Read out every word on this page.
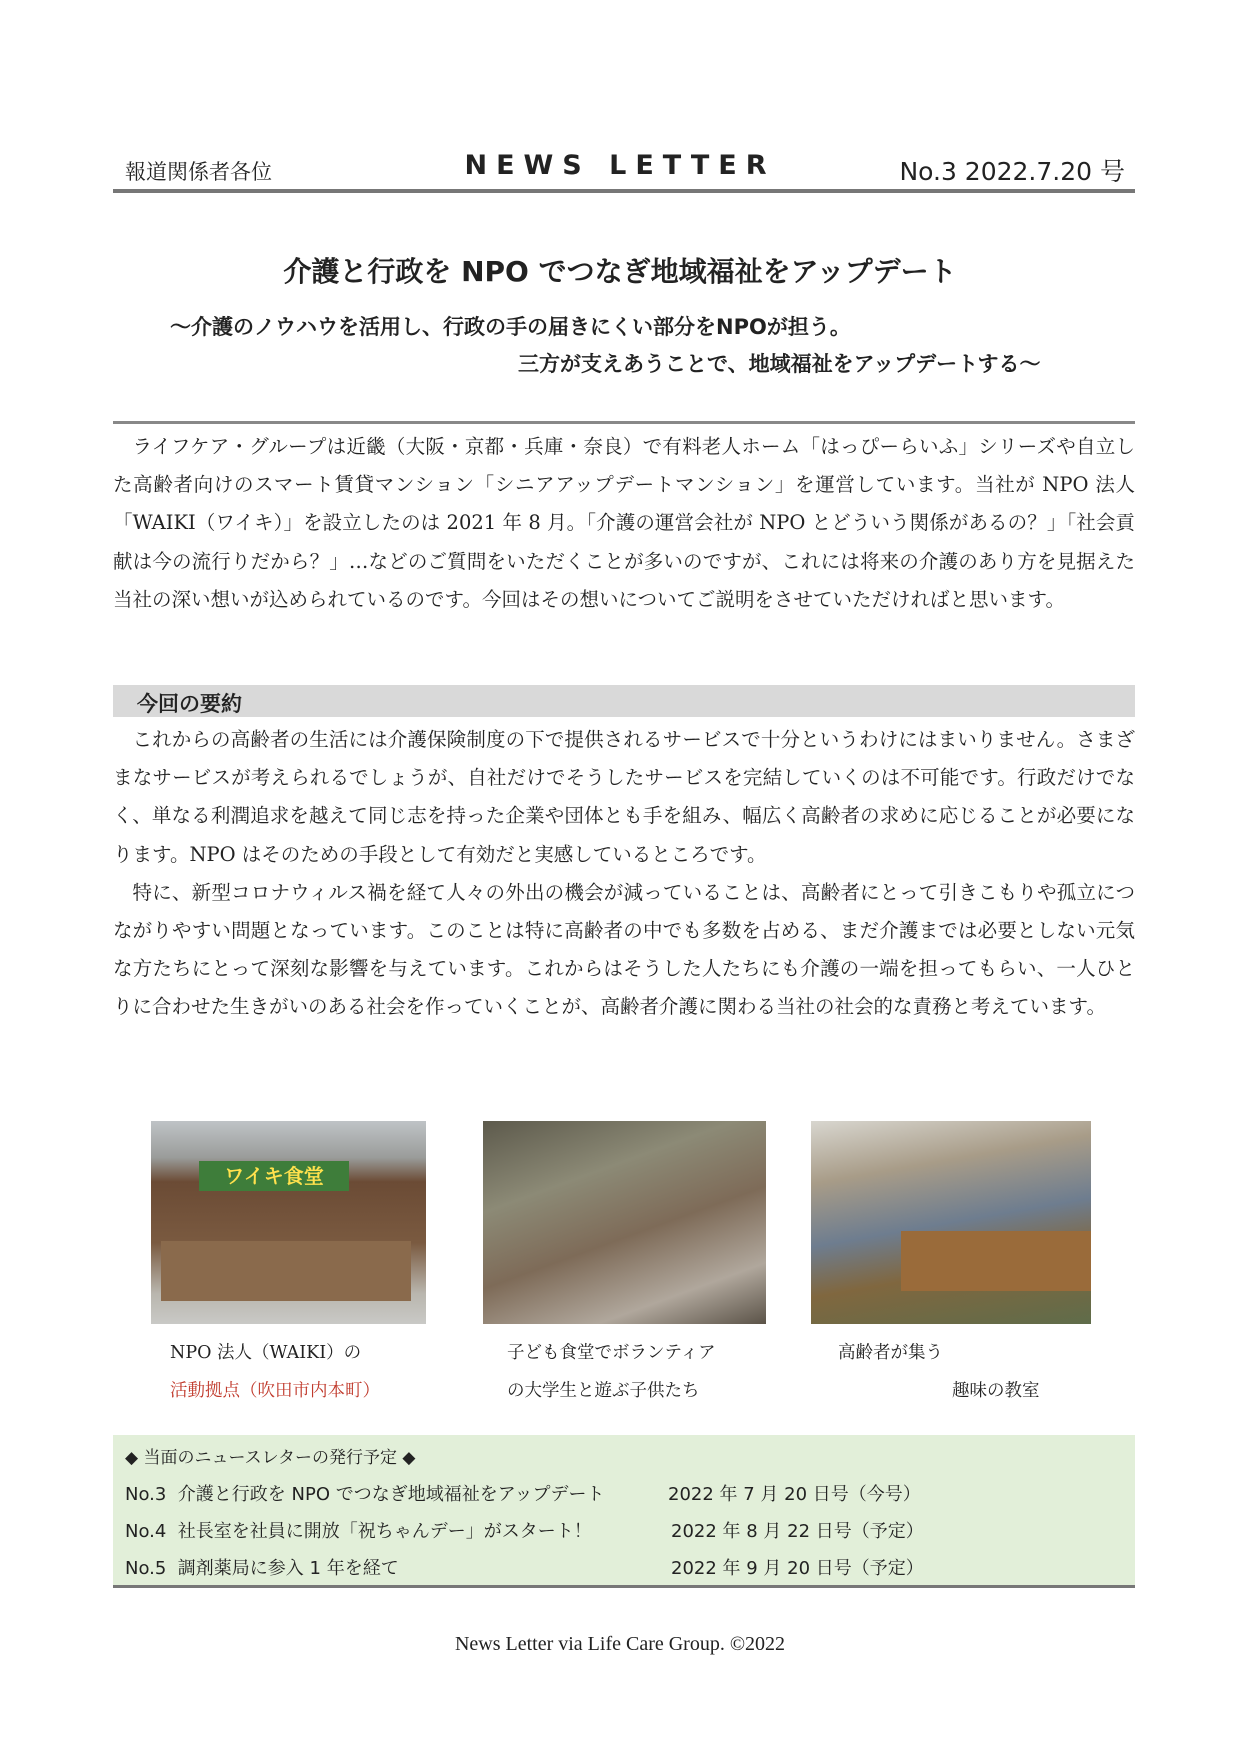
報道関係者各位	NEWS LETTER	No.3 2022.7.20 号
介護と行政を NPO でつなぎ地域福祉をアップデート
～介護のノウハウを活用し、行政の手の届きにくい部分をNPOが担う。
三方が支えあうことで、地域福祉をアップデートする～

ライフケア・グループは近畿（大阪・京都・兵庫・奈良）で有料老人ホーム「はっぴーらいふ」シリーズや自立した高齢者向けのスマート賃貸マンション「シニアアップデートマンション」を運営しています。当社が NPO 法人「WAIKI（ワイキ）」を設立したのは 2021 年 8 月。「介護の運営会社が NPO とどういう関係があるの？」「社会貢献は今の流行りだから？」…などのご質問をいただくことが多いのですが、これには将来の介護のあり方を見据えた当社の深い想いが込められているのです。今回はその想いについてご説明をさせていただければと思います。

今回の要約

これからの高齢者の生活には介護保険制度の下で提供されるサービスで十分というわけにはまいりません。さまざまなサービスが考えられるでしょうが、自社だけでそうしたサービスを完結していくのは不可能です。行政だけでなく、単なる利潤追求を越えて同じ志を持った企業や団体とも手を組み、幅広く高齢者の求めに応じることが必要になります。NPO はそのための手段として有効だと実感しているところです。

特に、新型コロナウィルス禍を経て人々の外出の機会が減っていることは、高齢者にとって引きこもりや孤立につながりやすい問題となっています。このことは特に高齢者の中でも多数を占める、まだ介護までは必要としない元気な方たちにとって深刻な影響を与えています。これからはそうした人たちにも介護の一端を担ってもらい、一人ひとりに合わせた生きがいのある社会を作っていくことが、高齢者介護に関わる当社の社会的な責務と考えています。

ワイキ食堂
NPO 法人（WAIKI）の
活動拠点（吹田市内本町）
子ども食堂でボランティア
の大学生と遊ぶ子供たち
高齢者が集う
趣味の教室
◆ 当面のニュースレターの発行予定 ◆
No.3 介護と行政を NPO でつなぎ地域福祉をアップデート	2022 年 7 月 20 日号（今号）
No.4 社長室を社員に開放「祝ちゃんデー」がスタート！	2022 年 8 月 22 日号（予定）
No.5 調剤薬局に参入 1 年を経て	2022 年 9 月 20 日号（予定）
News Letter via Life Care Group. ©2022
